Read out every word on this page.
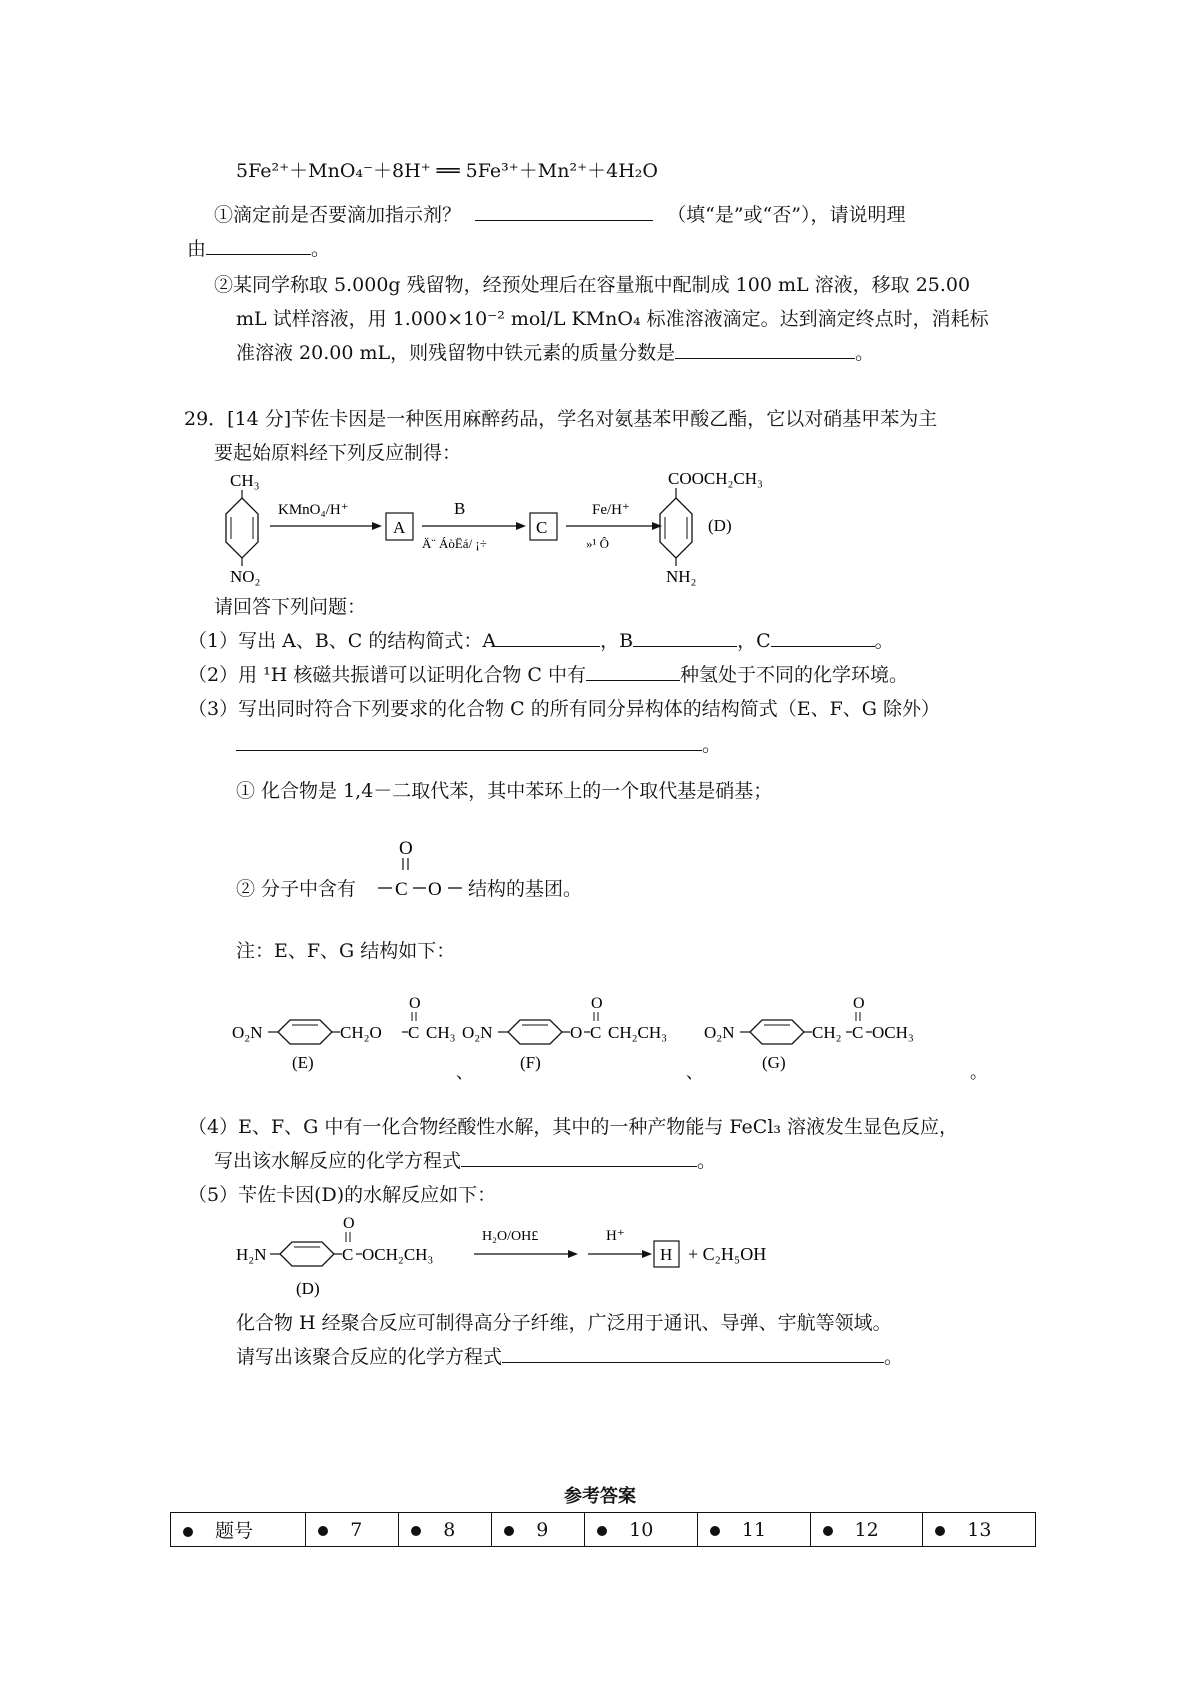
5Fe²⁺＋MnO₄⁻＋8H⁺ ══ 5Fe³⁺＋Mn²⁺＋4H₂O
①滴定前是否要滴加指示剂？	（填“是”或“否”），请说明理
由	。
②某同学称取 5.000g 残留物，经预处理后在容量瓶中配制成 100 mL 溶液，移取 25.00
mL 试样溶液，用 1.000×10⁻² mol/L KMnO₄ 标准溶液滴定。达到滴定终点时，消耗标
准溶液 20.00 mL，则残留物中铁元素的质量分数是	。
29．[14 分]苄佐卡因是一种医用麻醉药品，学名对氨基苯甲酸乙酯，它以对硝基甲苯为主
要起始原料经下列反应制得：
CH₃
NO₂
KMnO₄/H⁺
A
B
Ä¨ ÁòËá/ ¡÷
C
Fe/H⁺
»¹ Ô
COOCH₂CH₃
(D)
NH₂
请回答下列问题：
（1）写出 A、B、C 的结构简式：A	，B	，C	。
（2）用 ¹H 核磁共振谱可以证明化合物 C 中有	种氢处于不同的化学环境。
（3）写出同时符合下列要求的化合物 C 的所有同分异构体的结构简式（E、F、G 除外）
。
① 化合物是 1,4－二取代苯，其中苯环上的一个取代基是硝基；
② 分子中含有
O
C O 结构的基团。
注：E、F、G 结构如下：
O₂N	CH₂O
O
C CH₃
(E)
、
O₂N	O
O
C CH₂CH₃
(F)
、
O₂N	CH₂
O
C OCH₃
(G)
。
（4）E、F、G 中有一化合物经酸性水解，其中的一种产物能与 FeCl₃ 溶液发生显色反应，
写出该水解反应的化学方程式	。
（5）苄佐卡因(D)的水解反应如下：
H₂N
O
C OCH₂CH₃
(D)
H₂O/OH£	H⁺
H + C₂H₅OH
化合物 H 经聚合反应可制得高分子纤维，广泛用于通讯、导弹、宇航等领域。
请写出该聚合反应的化学方程式	。
参考答案
题号	7	8	9	10	11	12	13
